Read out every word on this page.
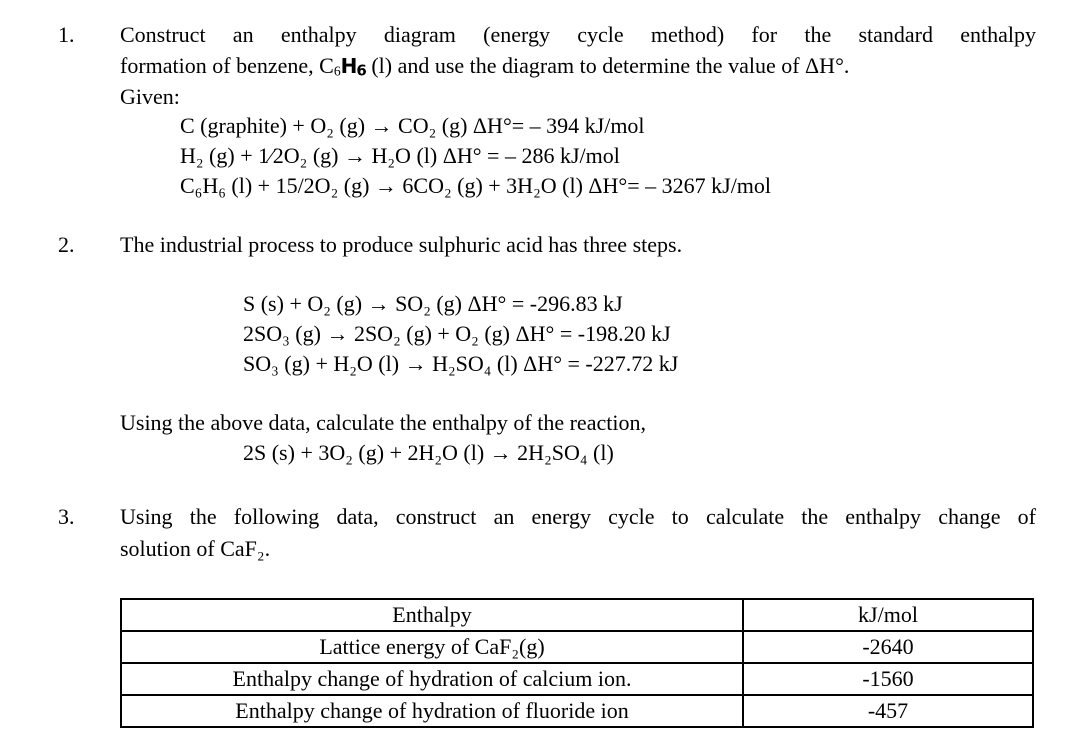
1. Construct an enthalpy diagram (energy cycle method) for the standard enthalpy
formation of benzene, $C_6H_6$ (l) and use the diagram to determine the value of ΔH°.
Given:
C (graphite) + O₂ (g) → CO₂ (g) ΔH°= – 394 kJ/mol
H₂ (g) + 1⁄2O₂ (g) → H₂O (l) ΔH° = – 286 kJ/mol
C₆H₆ (l) + 15/2O₂ (g) → 6CO₂ (g) + 3H₂O (l) ΔH°= – 3267 kJ/mol
2. The industrial process to produce sulphuric acid has three steps.
S (s) + O₂ (g) → SO₂ (g) ΔH° = -296.83 kJ
2SO₃ (g) → 2SO₂ (g) + O₂ (g) ΔH° = -198.20 kJ
SO₃ (g) + H₂O (l) → H₂SO₄ (l) ΔH° = -227.72 kJ
Using the above data, calculate the enthalpy of the reaction,
2S (s) + 3O₂ (g) + 2H₂O (l) → 2H₂SO₄ (l)
3. Using the following data, construct an energy cycle to calculate the enthalpy change of
solution of CaF₂.
Enthalpy	kJ/mol
Lattice energy of CaF₂(g)	-2640
Enthalpy change of hydration of calcium ion.	-1560
Enthalpy change of hydration of fluoride ion	-457
